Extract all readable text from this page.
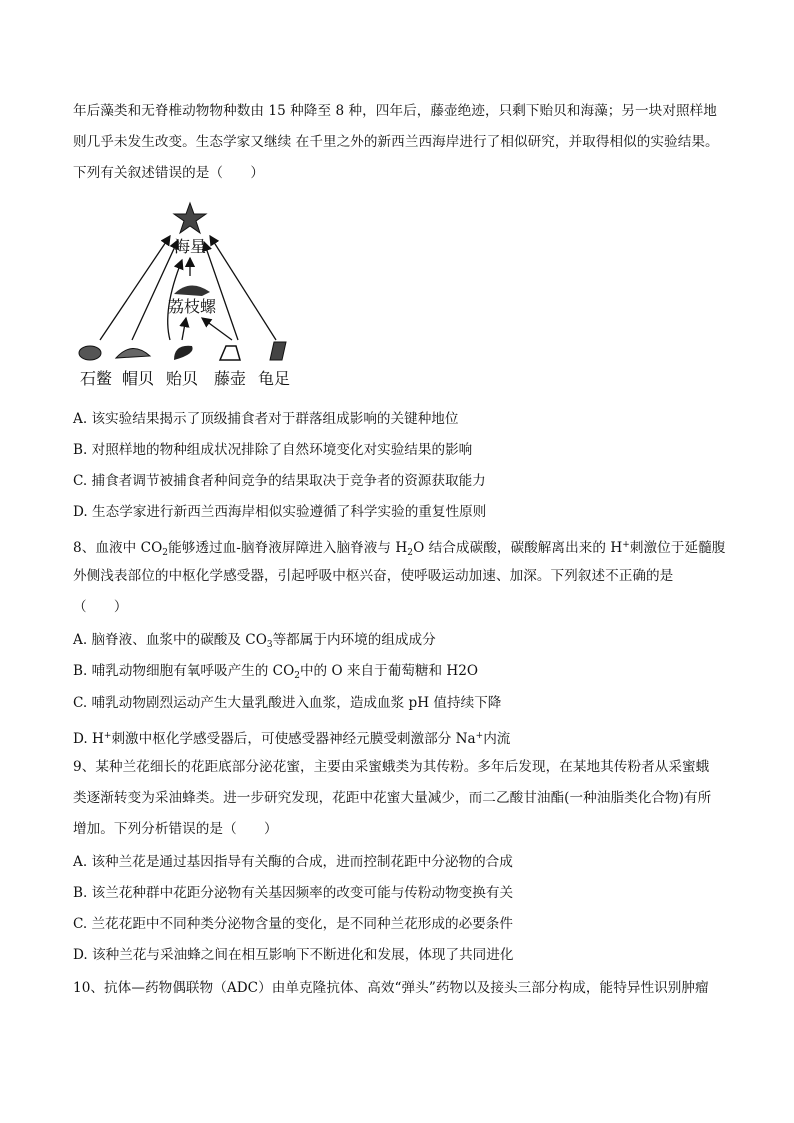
年后藻类和无脊椎动物物种数由 15 种降至 8 种，四年后，藤壶绝迹，只剩下贻贝和海藻；另一块对照样地
则几乎未发生改变。生态学家又继续 在千里之外的新西兰西海岸进行了相似研究，并取得相似的实验结果。
下列有关叙述错误的是（　　）
海星
荔枝螺
石鳖 帽贝 贻贝 藤壶 龟足
A. 该实验结果揭示了顶级捕食者对于群落组成影响的关键种地位
B. 对照样地的物种组成状况排除了自然环境变化对实验结果的影响
C. 捕食者调节被捕食者种间竞争的结果取决于竞争者的资源获取能力
D. 生态学家进行新西兰西海岸相似实验遵循了科学实验的重复性原则
8、血液中 $CO_2$能够透过血-脑脊液屏障进入脑脊液与 $H_2O$ 结合成碳酸，碳酸解离出来的 H+刺激位于延髓腹
外侧浅表部位的中枢化学感受器，引起呼吸中枢兴奋，使呼吸运动加速、加深。下列叙述不正确的是
（　　）
A. 脑脊液、血浆中的碳酸及 $CO_3$等都属于内环境的组成成分
B. 哺乳动物细胞有氧呼吸产生的 $CO_2$中的 O 来自于葡萄糖和 H2O
C. 哺乳动物剧烈运动产生大量乳酸进入血浆，造成血浆 pH 值持续下降
D. H+刺激中枢化学感受器后，可使感受器神经元膜受刺激部分 Na+内流
9、某种兰花细长的花距底部分泌花蜜，主要由采蜜蛾类为其传粉。多年后发现，在某地其传粉者从采蜜蛾
类逐渐转变为采油蜂类。进一步研究发现，花距中花蜜大量减少，而二乙酸甘油酯(一种油脂类化合物)有所
增加。下列分析错误的是（　　）
A. 该种兰花是通过基因指导有关酶的合成，进而控制花距中分泌物的合成
B. 该兰花种群中花距分泌物有关基因频率的改变可能与传粉动物变换有关
C. 兰花花距中不同种类分泌物含量的变化，是不同种兰花形成的必要条件
D. 该种兰花与采油蜂之间在相互影响下不断进化和发展，体现了共同进化
10、抗体—药物偶联物（ADC）由单克隆抗体、高效“弹头”药物以及接头三部分构成，能特异性识别肿瘤
